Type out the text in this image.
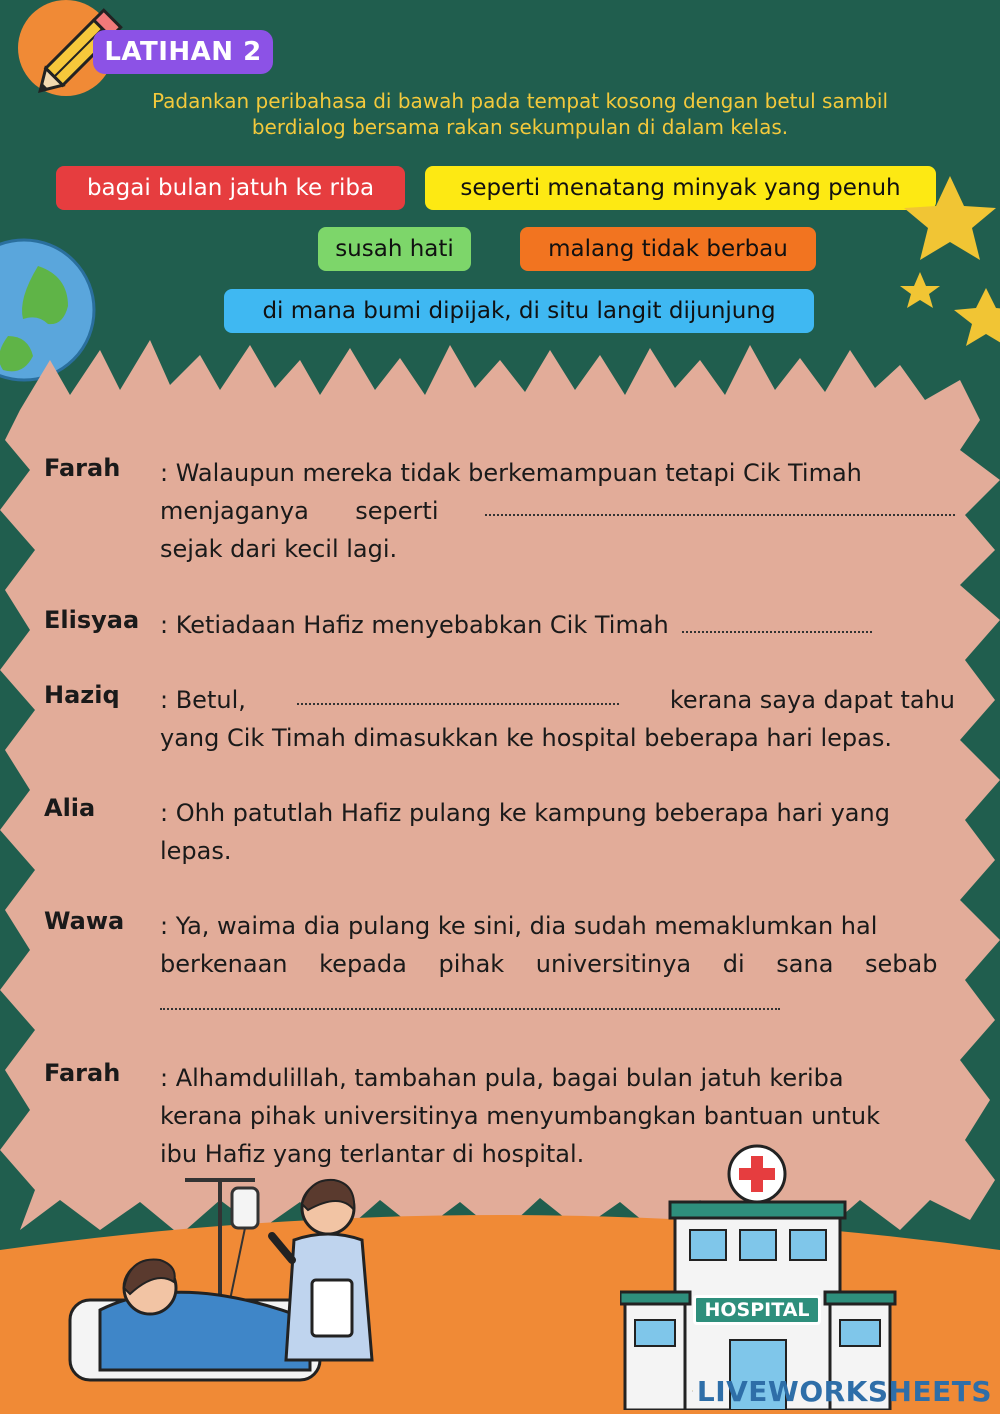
LATIHAN 2
Padankan peribahasa di bawah pada tempat kosong dengan betul sambil
berdialog bersama rakan sekumpulan di dalam kelas.
bagai bulan jatuh ke riba	seperti menatang minyak yang penuh
susah hati	malang tidak berbau
di mana bumi dipijak, di situ langit dijunjung
Farah : Walaupun mereka tidak berkemampuan tetapi Cik Timah
menjaganya seperti
sejak dari kecil lagi.
Elisyaa : Ketiadaan Hafiz menyebabkan Cik Timah
Haziq : Betul,	kerana saya dapat tahu
yang Cik Timah dimasukkan ke hospital beberapa hari lepas.
Alia	: Ohh patutlah Hafiz pulang ke kampung beberapa hari yang
lepas.
Wawa : Ya, waima dia pulang ke sini, dia sudah memaklumkan hal
berkenaan kepada pihak universitinya di sana sebab
Farah : Alhamdulillah, tambahan pula, bagai bulan jatuh keriba
kerana pihak universitinya menyumbangkan bantuan untuk
ibu Hafiz yang terlantar di hospital.
HOSPITAL
LIVEWORKSHEETS
